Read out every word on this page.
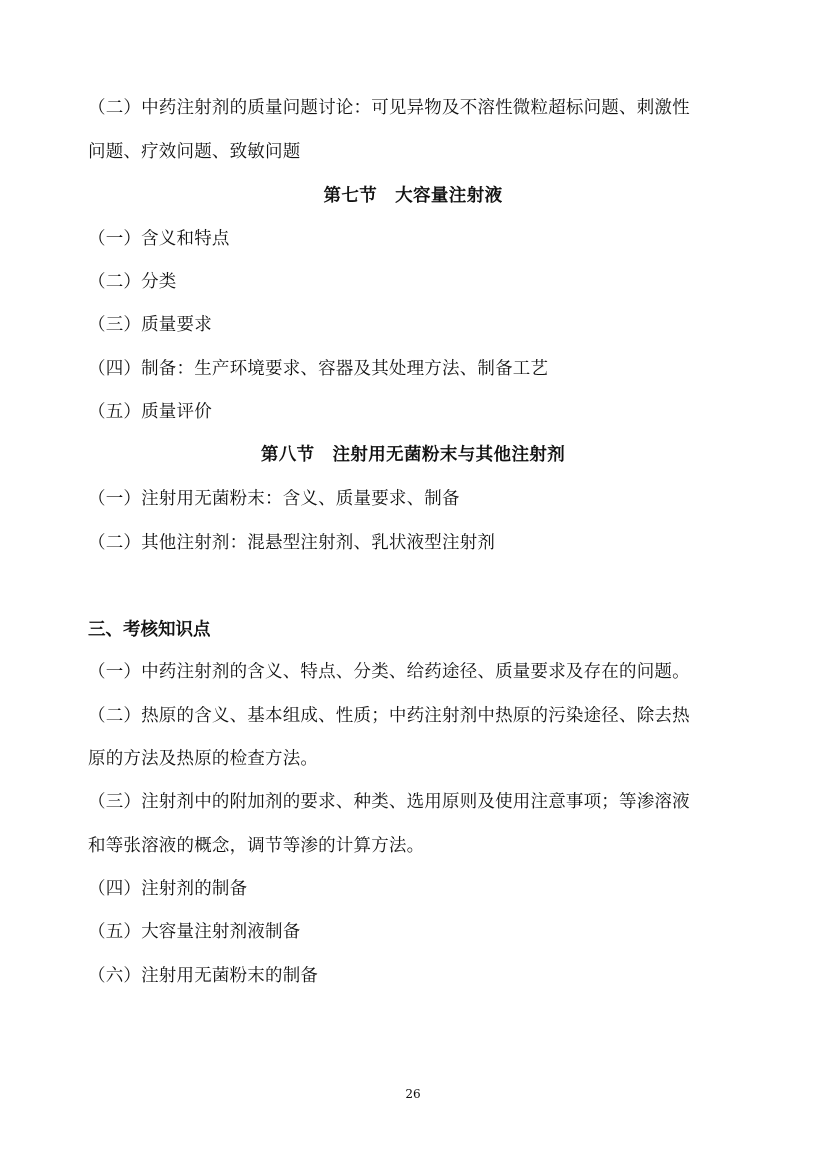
（二）中药注射剂的质量问题讨论：可见异物及不溶性微粒超标问题、刺激性
问题、疗效问题、致敏问题
第七节　大容量注射液
（一）含义和特点
（二）分类
（三）质量要求
（四）制备：生产环境要求、容器及其处理方法、制备工艺
（五）质量评价
第八节　注射用无菌粉末与其他注射剂
（一）注射用无菌粉末：含义、质量要求、制备
（二）其他注射剂：混悬型注射剂、乳状液型注射剂
三、考核知识点
（一）中药注射剂的含义、特点、分类、给药途径、质量要求及存在的问题。
（二）热原的含义、基本组成、性质；中药注射剂中热原的污染途径、除去热
原的方法及热原的检查方法。
（三）注射剂中的附加剂的要求、种类、选用原则及使用注意事项；等渗溶液
和等张溶液的概念，调节等渗的计算方法。
（四）注射剂的制备
（五）大容量注射剂液制备
（六）注射用无菌粉末的制备
26
